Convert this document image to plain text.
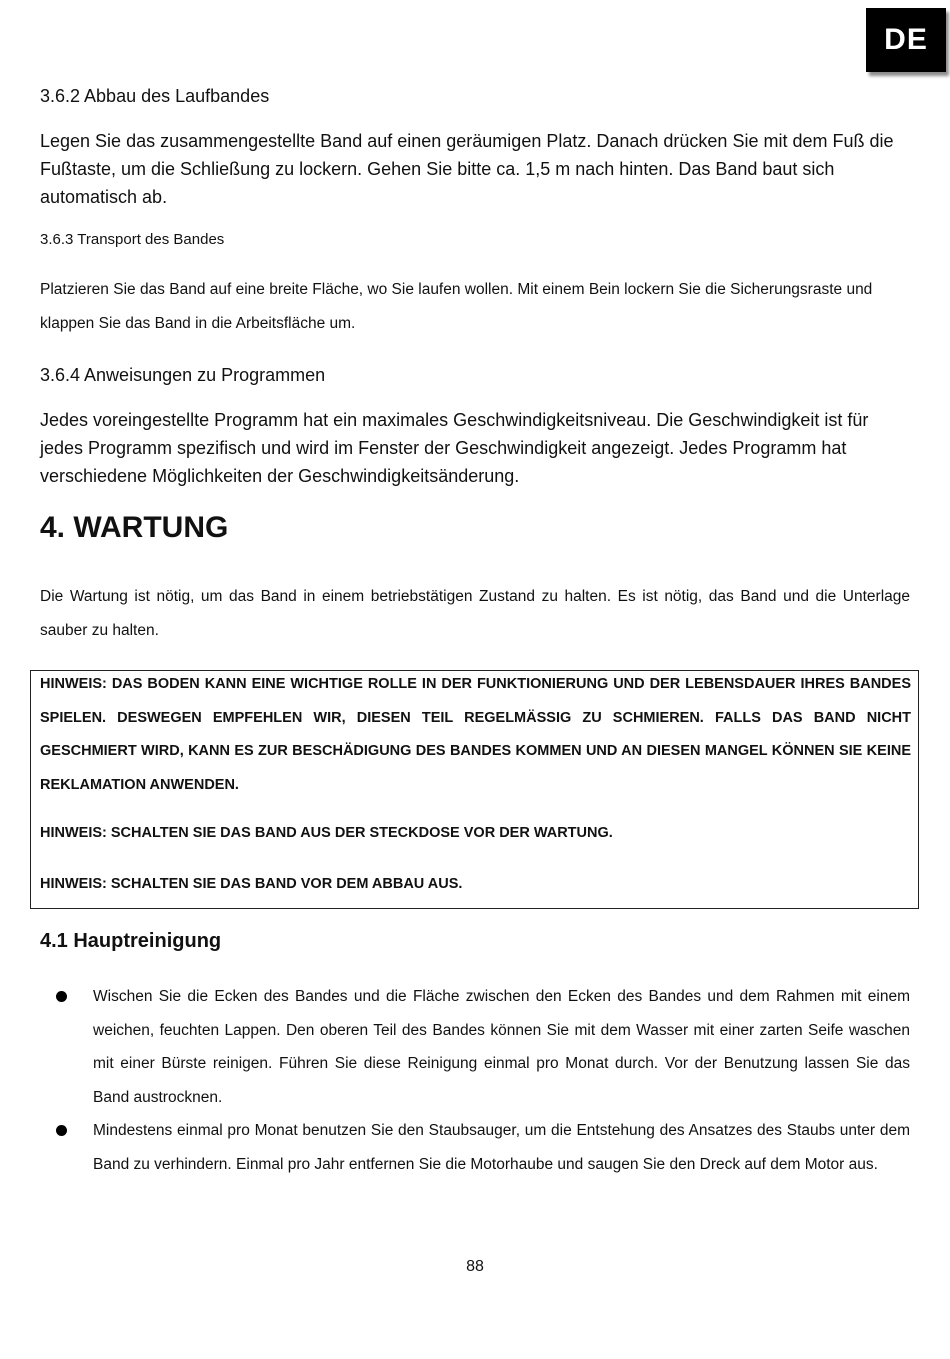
DE

3.6.2 Abbau des Laufbandes

Legen Sie das zusammengestellte Band auf einen geräumigen Platz. Danach drücken Sie mit dem Fuß die Fußtaste, um die Schließung zu lockern. Gehen Sie bitte ca. 1,5 m nach hinten. Das Band baut sich automatisch ab.

3.6.3 Transport des Bandes

Platzieren Sie das Band auf eine breite Fläche, wo Sie laufen wollen. Mit einem Bein lockern Sie die Sicherungsraste und klappen Sie das Band in die Arbeitsfläche um.

3.6.4 Anweisungen zu Programmen

Jedes voreingestellte Programm hat ein maximales Geschwindigkeitsniveau. Die Geschwindigkeit ist für jedes Programm spezifisch und wird im Fenster der Geschwindigkeit angezeigt. Jedes Programm hat verschiedene Möglichkeiten der Geschwindigkeitsänderung.

4. WARTUNG

Die Wartung ist nötig, um das Band in einem betriebstätigen Zustand zu halten. Es ist nötig, das Band und die Unterlage sauber zu halten.

HINWEIS: DAS BODEN KANN EINE WICHTIGE ROLLE IN DER FUNKTIONIERUNG UND DER LEBENSDAUER IHRES BANDES SPIELEN. DESWEGEN EMPFEHLEN WIR, DIESEN TEIL REGELMÄSSIG ZU SCHMIEREN. FALLS DAS BAND NICHT GESCHMIERT WIRD, KANN ES ZUR BESCHÄDIGUNG DES BANDES KOMMEN UND AN DIESEN MANGEL KÖNNEN SIE KEINE REKLAMATION ANWENDEN.

HINWEIS: SCHALTEN SIE DAS BAND AUS DER STECKDOSE VOR DER WARTUNG.

HINWEIS: SCHALTEN SIE DAS BAND VOR DEM ABBAU AUS.

4.1 Hauptreinigung

Wischen Sie die Ecken des Bandes und die Fläche zwischen den Ecken des Bandes und dem Rahmen mit einem weichen, feuchten Lappen. Den oberen Teil des Bandes können Sie mit dem Wasser mit einer zarten Seife waschen mit einer Bürste reinigen. Führen Sie diese Reinigung einmal pro Monat durch. Vor der Benutzung lassen Sie das Band austrocknen.

Mindestens einmal pro Monat benutzen Sie den Staubsauger, um die Entstehung des Ansatzes des Staubs unter dem Band zu verhindern. Einmal pro Jahr entfernen Sie die Motorhaube und saugen Sie den Dreck auf dem Motor aus.

88
